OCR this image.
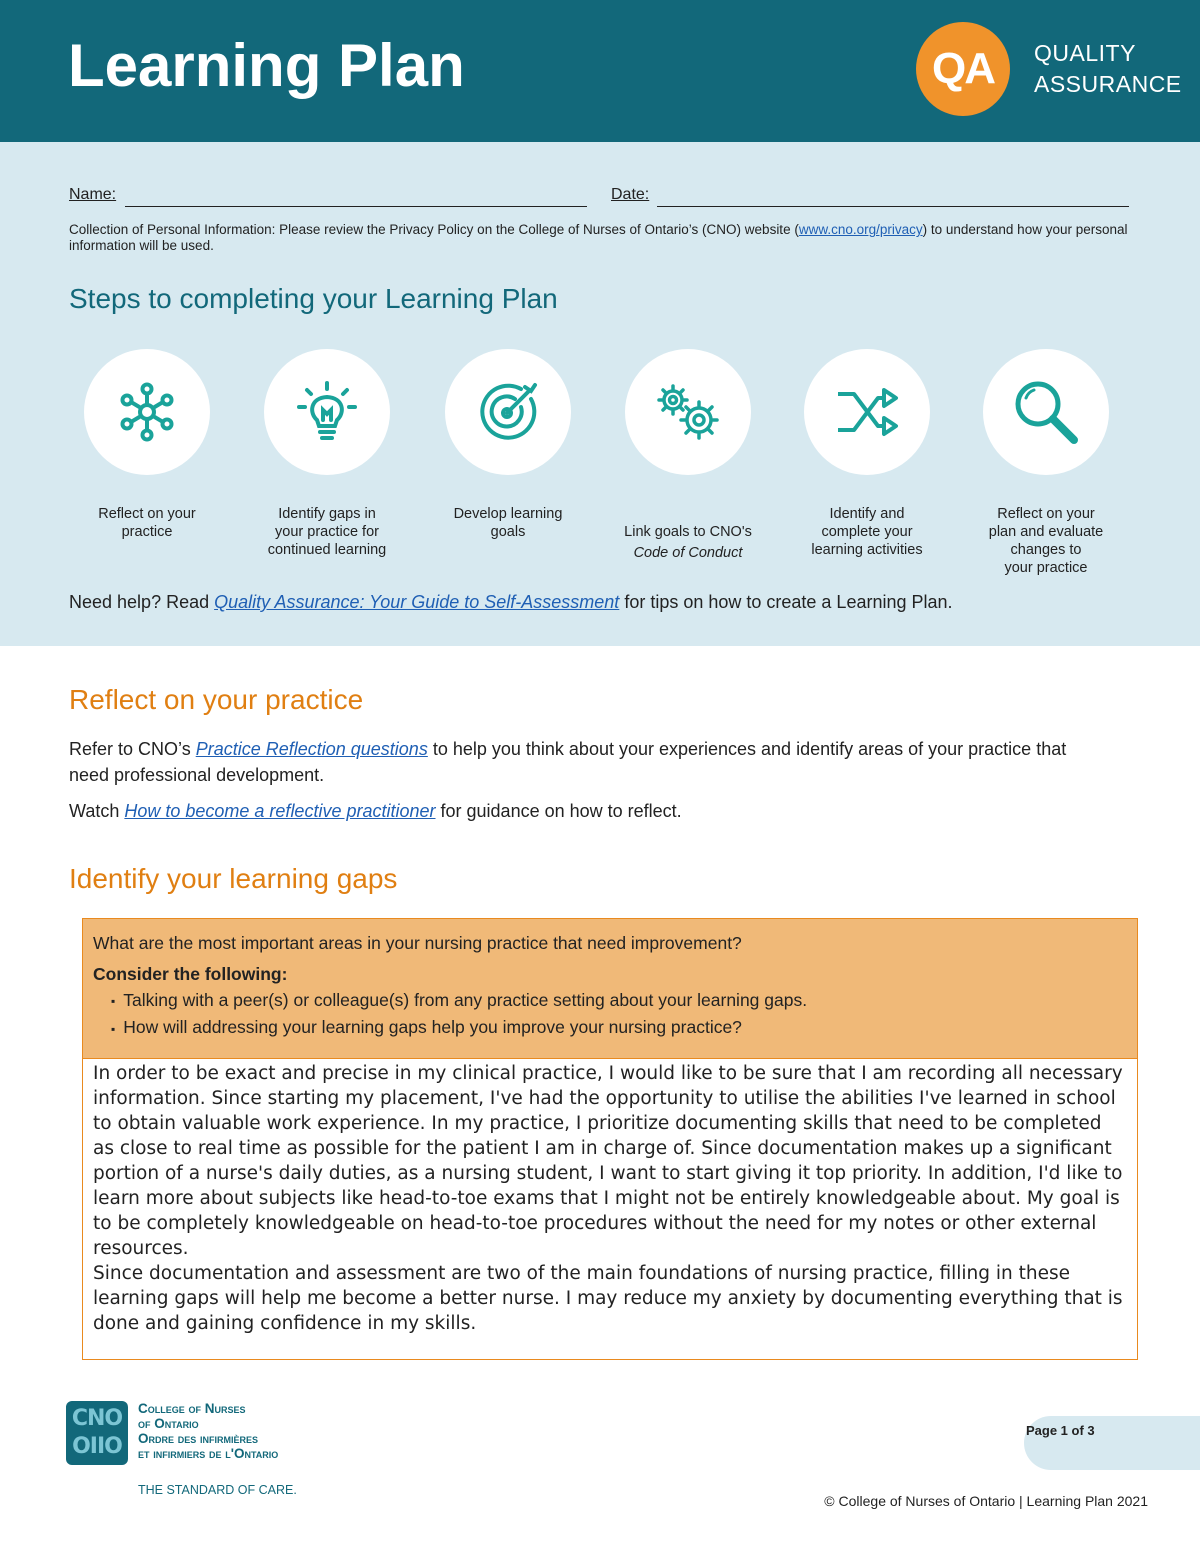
Learning Plan	QA	QUALITY
ASSURANCE
Name:	Date:
Collection of Personal Information: Please review the Privacy Policy on the College of Nurses of Ontario’s (CNO) website (www.cno.org/privacy) to understand how your personal information will be used.
Steps to completing your Learning Plan
Reflect on your
practice
Identify gaps in
your practice for
continued learning
Develop learning
goals	Link goals to CNO's

Code of Conduct

Identify and
complete your
learning activities
Reflect on your
plan and evaluate
changes to
your practice
Need help? Read Quality Assurance: Your Guide to Self-Assessment for tips on how to create a Learning Plan.
Reflect on your practice
Refer to CNO’s Practice Reflection questions to help you think about your experiences and identify areas of your practice that need professional development.
Watch How to become a reflective practitioner for guidance on how to reflect.
Identify your learning gaps
What are the most important areas in your nursing practice that need improvement?
Consider the following:
▪ Talking with a peer(s) or colleague(s) from any practice setting about your learning gaps.
▪ How will addressing your learning gaps help you improve your nursing practice?

In order to be exact and precise in my clinical practice, I would like to be sure that I am recording all necessary information. Since starting my placement, I've had the opportunity to utilise the abilities I've learned in school to obtain valuable work experience. In my practice, I prioritize documenting skills that need to be completed as close to real time as possible for the patient I am in charge of. Since documentation makes up a significant portion of a nurse's daily duties, as a nursing student, I want to start giving it top priority. In addition, I'd like to learn more about subjects like head-to-toe exams that I might not be entirely knowledgeable about. My goal is to be completely knowledgeable on head-to-toe procedures without the need for my notes or other external resources.

Since documentation and assessment are two of the main foundations of nursing practice, filling in these learning gaps will help me become a better nurse. I may reduce my anxiety by documenting everything that is done and gaining confidence in my skills.

CNO OIIO
College of Nurses
of Ontario
Ordre des infirmières
et infirmiers de l'Ontario
THE STANDARD OF CARE.
Page 1 of 3
© College of Nurses of Ontario | Learning Plan 2021
